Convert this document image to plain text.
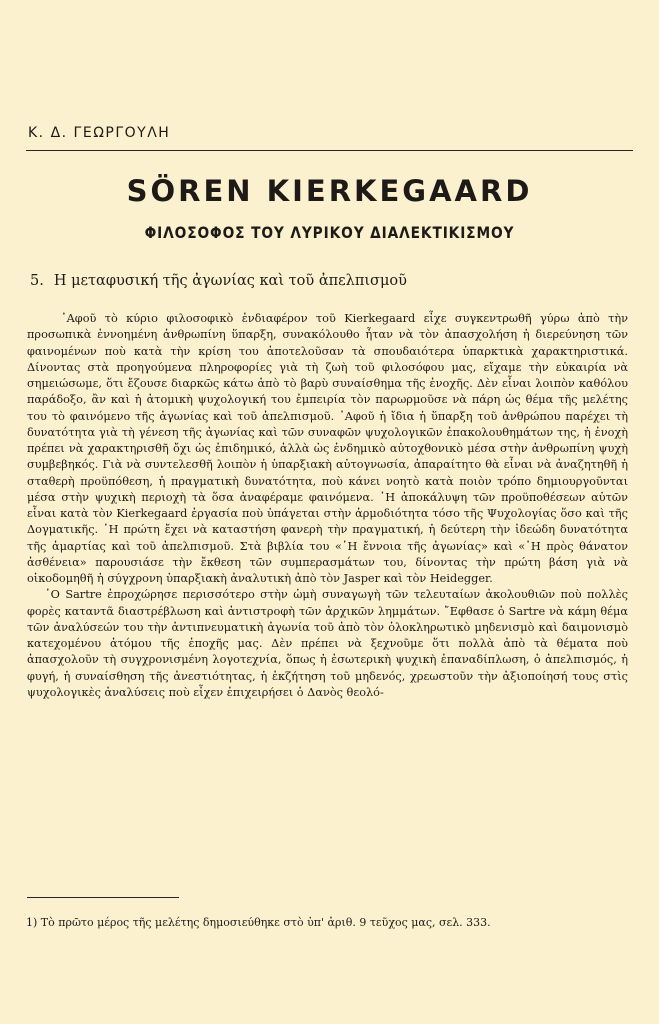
Κ. Δ. ΓΕΩΡΓΟΥΛΗ
SÖREN KIERKEGAARD
ΦΙΛΟΣΟΦΟΣ ΤΟΥ ΛΥΡΙΚΟΥ ΔΙΑΛΕΚΤΙΚΙΣΜΟΥ
5. Η μεταφυσική τῆς ἀγωνίας καὶ τοῦ ἀπελπισμοῦ

᾿Αφοῦ τὸ κύριο φιλοσοφικὸ ἐνδιαφέρον τοῦ Kierkegaard εἶχε συγκεντρωθῆ γύρω ἀπὸ τὴν προσωπικὰ ἐννοημένη ἀνθρωπίνη ὕπαρξη, συνακόλουθο ἦταν νὰ τὸν ἀπασχολήση ἡ διερεύνηση τῶν φαινομένων ποὺ κατὰ τὴν κρίση του ἀποτελοῦσαν τὰ σπουδαιότερα ὑπαρκτικὰ χαρακτηριστικά. Δίνοντας στὰ προηγούμενα πληροφορίες γιὰ τὴ ζωὴ τοῦ φιλοσόφου μας, εἴχαμε τὴν εὐκαιρία νὰ σημειώσωμε, ὅτι ἔζουσε διαρκῶς κάτω ἀπὸ τὸ βαρὺ συναίσθημα τῆς ἐνοχῆς. Δὲν εἶναι λοιπὸν καθόλου παράδοξο, ἂν καὶ ἡ ἀτομικὴ ψυχολογική του ἐμπειρία τὸν παρωρμοῦσε νὰ πάρη ὡς θέμα τῆς μελέτης του τὸ φαινόμενο τῆς ἀγωνίας καὶ τοῦ ἀπελπισμοῦ. ᾿Αφοῦ ἡ ἴδια ἡ ὕπαρξη τοῦ ἀνθρώπου παρέχει τὴ δυνατότητα γιὰ τὴ γένεση τῆς ἀγωνίας καὶ τῶν συναφῶν ψυχολογικῶν ἐπακολουθημάτων της, ἡ ἐνοχὴ πρέπει νὰ χαρακτηρισθῆ ὄχι ὡς ἐπιδημικό, ἀλλὰ ὡς ἐνδημικὸ αὐτοχθονικὸ μέσα στὴν ἀνθρωπίνη ψυχὴ συμβεβηκός. Γιὰ νὰ συντελεσθῆ λοιπὸν ἡ ὑπαρξιακὴ αὐτογνωσία, ἀπαραίτητο θὰ εἶναι νὰ ἀναζητηθῆ ἡ σταθερὴ προϋπόθεση, ἡ πραγματικὴ δυνατότητα, ποὺ κάνει νοητὸ κατὰ ποιὸν τρόπο δημιουργοῦνται μέσα στὴν ψυχικὴ περιοχὴ τὰ ὅσα ἀναφέραμε φαινόμενα. ῾Η ἀποκάλυψη τῶν προϋποθέσεων αὐτῶν εἶναι κατὰ τὸν Kierkegaard ἐργασία ποὺ ὑπάγεται στὴν ἁρμοδιότητα τόσο τῆς Ψυχολογίας ὅσο καὶ τῆς Δογματικῆς. ῾Η πρώτη ἔχει νὰ καταστήση φανερὴ τὴν πραγματική, ἡ δεύτερη τὴν ἰδεώδη δυνατότητα τῆς ἁμαρτίας καὶ τοῦ ἀπελπισμοῦ. Στὰ βιβλία του «῾Η ἔννοια τῆς ἀγωνίας» καὶ «῾Η πρὸς θάνατον ἀσθένεια» παρουσιάσε τὴν ἔκθεση τῶν συμπερασμάτων του, δίνοντας τὴν πρώτη βάση γιὰ νὰ οἰκοδομηθῆ ἡ σύγχρονη ὑπαρξιακὴ ἀναλυτικὴ ἀπὸ τὸν Jasper καὶ τὸν Heidegger.

῾Ο Sartre ἐπροχώρησε περισσότερο στὴν ὠμὴ συναγωγὴ τῶν τελευταίων ἀκολουθιῶν ποὺ πολλὲς φορὲς καταντᾶ διαστρέβλωση καὶ ἀντιστροφὴ τῶν ἀρχικῶν λημμάτων. ῎Εφθασε ὁ Sartre νὰ κάμη θέμα τῶν ἀναλύσεών του τὴν ἀντιπνευματικὴ ἀγωνία τοῦ ἀπὸ τὸν ὁλοκληρωτικὸ μηδενισμὸ καὶ δαιμονισμὸ κατεχομένου ἀτόμου τῆς ἐποχῆς μας. Δὲν πρέπει νὰ ξεχνοῦμε ὅτι πολλὰ ἀπὸ τὰ θέματα ποὺ ἀπασχολοῦν τὴ συγχρονισμένη λογοτεχνία, ὅπως ἡ ἐσωτερικὴ ψυχικὴ ἐπαναδίπλωση, ὁ ἀπελπισμός, ἡ φυγή, ἡ συναίσθηση τῆς ἀνεστιότητας, ἡ ἐκζήτηση τοῦ μηδενός, χρεωστοῦν τὴν ἀξιοποίησή τους στὶς ψυχολογικὲς ἀναλύσεις ποὺ εἶχεν ἐπιχειρήσει ὁ Δανὸς θεολό-

1) Τὸ πρῶτο μέρος τῆς μελέτης δημοσιεύθηκε στὸ ὑπ' ἀριθ. 9 τεῦχος μας, σελ. 333.
